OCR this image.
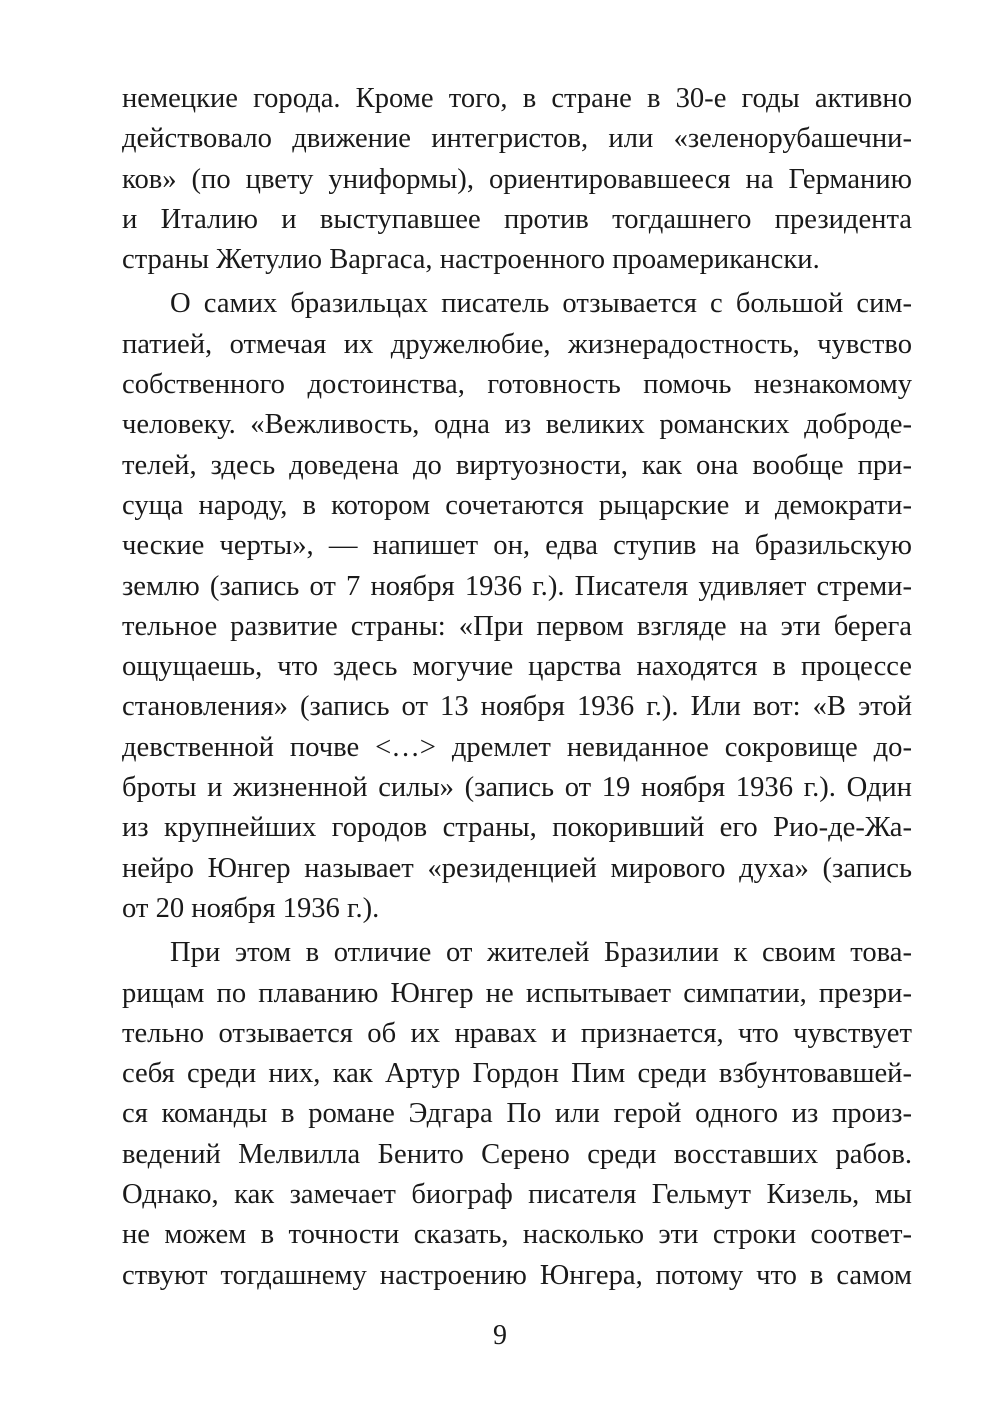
немецкие города. Кроме того, в стране в 30-е годы активно
действовало движение интегристов, или «зеленорубашечни-
ков» (по цвету униформы), ориентировавшееся на Германию
и Италию и выступавшее против тогдашнего президента
страны Жетулио Варгаса, настроенного проамерикански.
О самих бразильцах писатель отзывается с большой сим-
патией, отмечая их дружелюбие, жизнерадостность, чувство
собственного достоинства, готовность помочь незнакомому
человеку. «Вежливость, одна из великих романских доброде-
телей, здесь доведена до виртуозности, как она вообще при-
суща народу, в котором сочетаются рыцарские и демократи-
ческие черты», — напишет он, едва ступив на бразильскую
землю (запись от 7 ноября 1936 г.). Писателя удивляет стреми-
тельное развитие страны: «При первом взгляде на эти берега
ощущаешь, что здесь могучие царства находятся в процессе
становления» (запись от 13 ноября 1936 г.). Или вот: «В этой
девственной почве <…> дремлет невиданное сокровище до-
броты и жизненной силы» (запись от 19 ноября 1936 г.). Один
из крупнейших городов страны, покоривший его Рио-де-Жа-
нейро Юнгер называет «резиденцией мирового духа» (запись
от 20 ноября 1936 г.).
При этом в отличие от жителей Бразилии к своим това-
рищам по плаванию Юнгер не испытывает симпатии, презри-
тельно отзывается об их нравах и признается, что чувствует
себя среди них, как Артур Гордон Пим среди взбунтовавшей-
ся команды в романе Эдгара По или герой одного из произ-
ведений Мелвилла Бенито Серено среди восставших рабов.
Однако, как замечает биограф писателя Гельмут Кизель, мы
не можем в точности сказать, насколько эти строки соответ-
ствуют тогдашнему настроению Юнгера, потому что в самом
9
